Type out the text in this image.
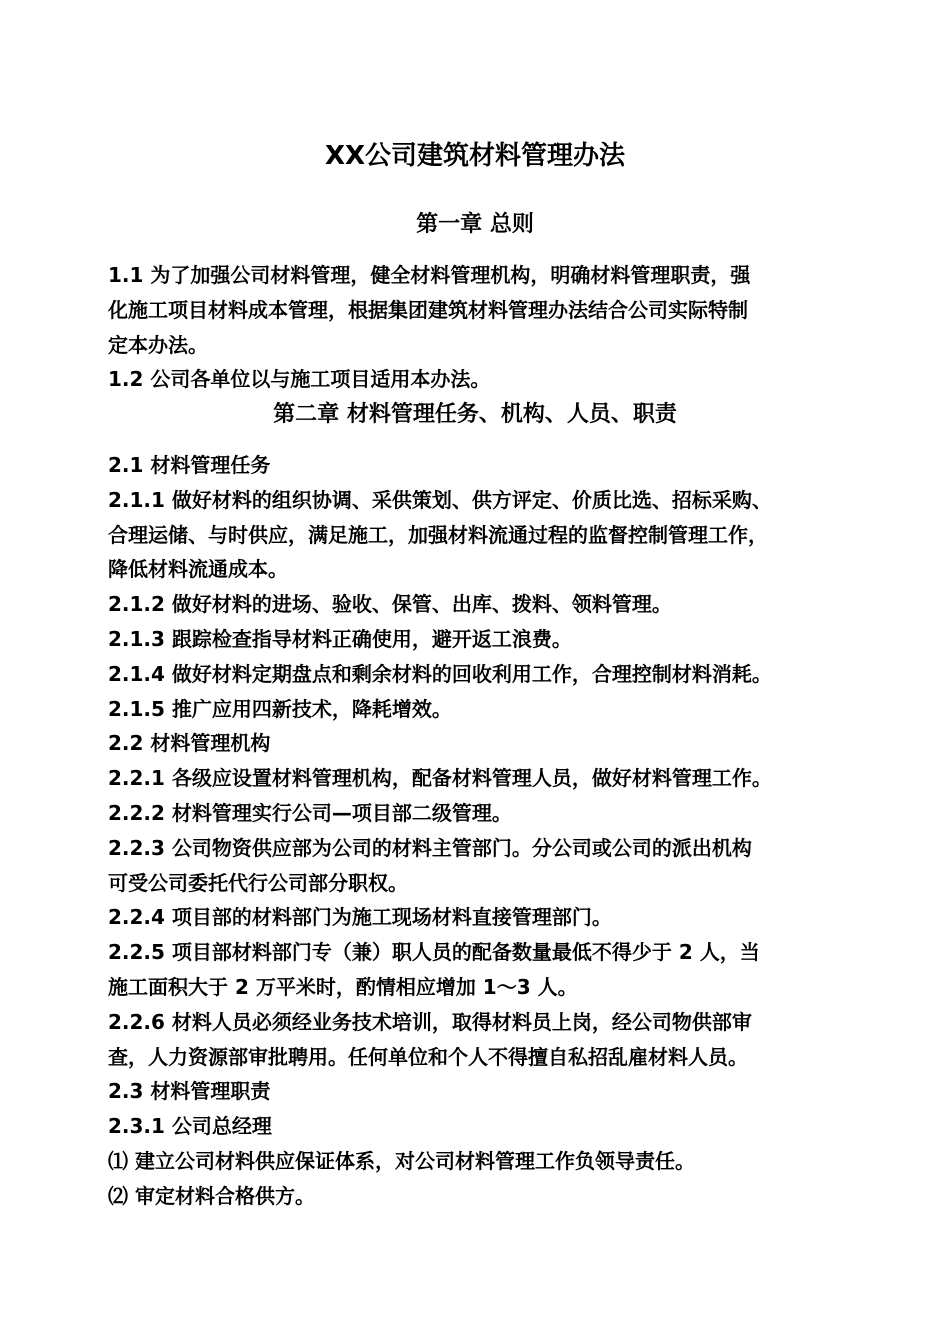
XX公司建筑材料管理办法
第一章 总则
1.1 为了加强公司材料管理，健全材料管理机构，明确材料管理职责，强
化施工项目材料成本管理，根据集团建筑材料管理办法结合公司实际特制
定本办法。
1.2 公司各单位以与施工项目适用本办法。
第二章 材料管理任务、机构、人员、职责
2.1 材料管理任务
2.1.1 做好材料的组织协调、采供策划、供方评定、价质比选、招标采购、
合理运储、与时供应，满足施工，加强材料流通过程的监督控制管理工作，
降低材料流通成本。
2.1.2 做好材料的进场、验收、保管、出库、拨料、领料管理。
2.1.3 跟踪检查指导材料正确使用，避开返工浪费。
2.1.4 做好材料定期盘点和剩余材料的回收利用工作，合理控制材料消耗。
2.1.5 推广应用四新技术，降耗增效。
2.2 材料管理机构
2.2.1 各级应设置材料管理机构，配备材料管理人员，做好材料管理工作。
2.2.2 材料管理实行公司—项目部二级管理。
2.2.3 公司物资供应部为公司的材料主管部门。分公司或公司的派出机构
可受公司委托代行公司部分职权。
2.2.4 项目部的材料部门为施工现场材料直接管理部门。
2.2.5 项目部材料部门专（兼）职人员的配备数量最低不得少于 2 人，当
施工面积大于 2 万平米时，酌情相应增加 1～3 人。
2.2.6 材料人员必须经业务技术培训，取得材料员上岗，经公司物供部审
查，人力资源部审批聘用。任何单位和个人不得擅自私招乱雇材料人员。
2.3 材料管理职责
2.3.1 公司总经理
⑴ 建立公司材料供应保证体系，对公司材料管理工作负领导责任。
⑵ 审定材料合格供方。
